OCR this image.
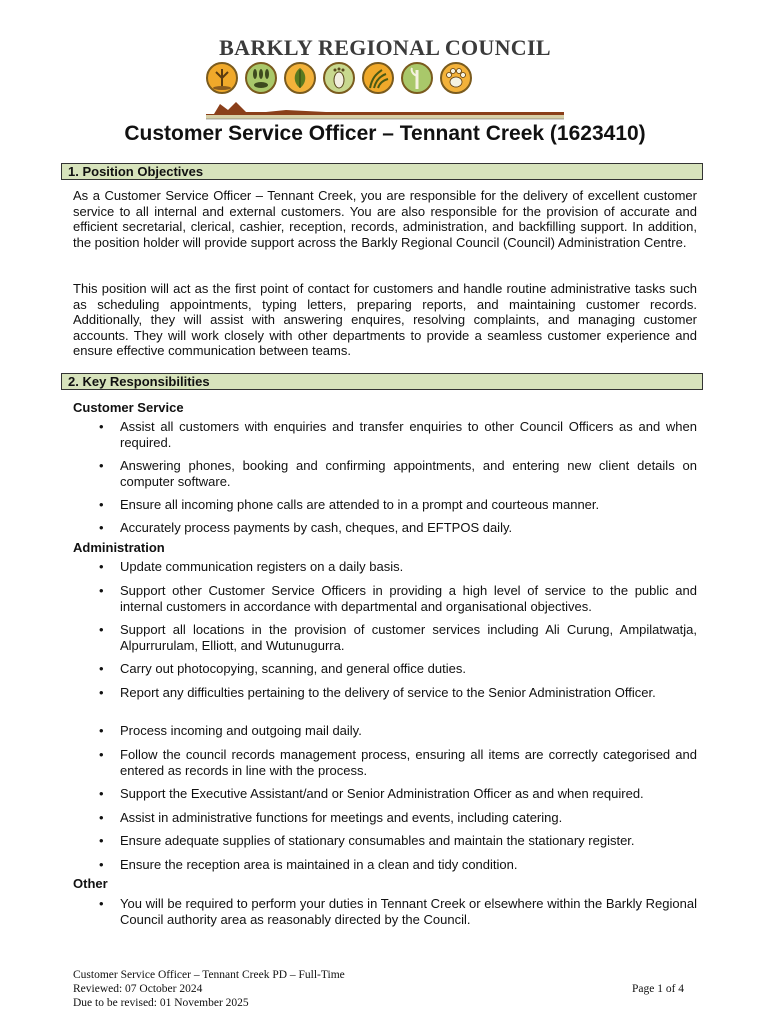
BARKLY REGIONAL COUNCIL
Customer Service Officer – Tennant Creek (1623410)
1. Position Objectives
As a Customer Service Officer – Tennant Creek, you are responsible for the delivery of excellent customer service to all internal and external customers. You are also responsible for the provision of accurate and efficient secretarial, clerical, cashier, reception, records, administration, and backfilling support. In addition, the position holder will provide support across the Barkly Regional Council (Council) Administration Centre.
This position will act as the first point of contact for customers and handle routine administrative tasks such as scheduling appointments, typing letters, preparing reports, and maintaining customer records. Additionally, they will assist with answering enquires, resolving complaints, and managing customer accounts. They will work closely with other departments to provide a seamless customer experience and ensure effective communication between teams.
2. Key Responsibilities
Customer Service
•	Assist all customers with enquiries and transfer enquiries to other Council Officers as and when required.
•	Answering phones, booking and confirming appointments, and entering new client details on computer software.
•	Ensure all incoming phone calls are attended to in a prompt and courteous manner.
•	Accurately process payments by cash, cheques, and EFTPOS daily.
Administration
•	Update communication registers on a daily basis.
•	Support other Customer Service Officers in providing a high level of service to the public and internal customers in accordance with departmental and organisational objectives.
•	Support all locations in the provision of customer services including Ali Curung, Ampilatwatja, Alpurrurulam, Elliott, and Wutunugurra.
•	Carry out photocopying, scanning, and general office duties.
•	Report any difficulties pertaining to the delivery of service to the Senior Administration Officer.
•	Process incoming and outgoing mail daily.
•	Follow the council records management process, ensuring all items are correctly categorised and entered as records in line with the process.
•	Support the Executive Assistant/and or Senior Administration Officer as and when required.
•	Assist in administrative functions for meetings and events, including catering.
•	Ensure adequate supplies of stationary consumables and maintain the stationary register.
•	Ensure the reception area is maintained in a clean and tidy condition.
Other
•	You will be required to perform your duties in Tennant Creek or elsewhere within the Barkly Regional Council authority area as reasonably directed by the Council.
Customer Service Officer – Tennant Creek PD – Full-Time
Reviewed: 07 October 2024
Due to be revised: 01 November 2025
Page 1 of 4
